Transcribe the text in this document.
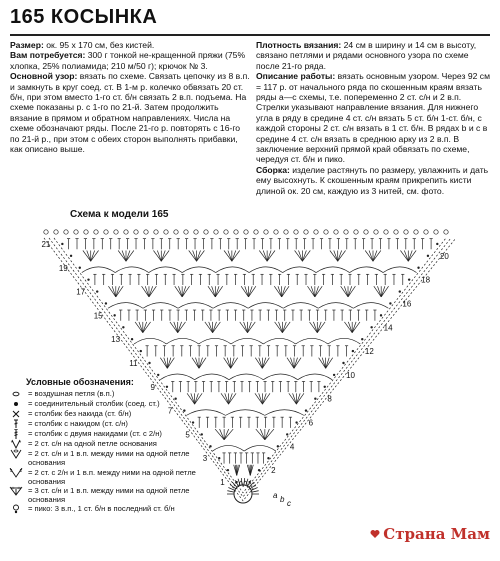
165 КОСЫНКА

Размер: ок. 95 х 170 см, без кистей.

Вам потребуется: 300 г тонкой не-кращенной пряжи (75% хлопка, 25% полиамида; 210 м/50 г); крючок № 3.

Основной узор: вязать по схеме. Связать цепочку из 8 в.п. и замкнуть в круг соед. ст. В 1-м р. колечко обвязать 20 ст. б/н, при этом вместо 1-го ст. б/н связать 2 в.п. подъема. На схеме показаны р. с 1-го по 21-й. Затем продолжить вязание в прямом и обратном направлениях. Числа на схеме обозначают ряды. После 21-го р. повторять с 16-го по 21-й р., при этом с обеих сторон выполнять прибавки, как описано выше.

Плотность вязания: 24 см в ширину и 14 см в высоту, связано петлями и рядами основного узора по схеме после 21-го ряда.

Описание работы: вязать основным узором. Через 92 см = 117 р. от начального ряда по скошенным краям вязать ряды а—с схемы, т.е. попеременно 2 ст. с/н и 2 в.п. Стрелки указывают направление вязания. Для нижнего угла в ряду в средине 4 ст. с/н вязать 5 ст. б/н 1-ст. б/н, с каждой стороны 2 ст. с/н вязать в 1 ст. б/н. В рядах b и с в средине 4 ст. с/н вязать в среднюю арку из 2 в.п. В заключение верхний прямой край обвязать по схеме, чередуя ст. б/н и пико.

Сборка: изделие растянуть по размеру, увлажнить и дать ему высохнуть. К скошенным краям прикрепить кисти длиной ок. 20 см, каждую из 3 нитей, см. фото.

Схема к модели 165
21
19
17
15
13
11
9
7
5
3
1
20
18
16
14
12
10
8
6
4
2
a b c
Условные обозначения:
= воздушная петля (в.п.)
= соединительный столбик (соед. ст.)
= столбик без накида (ст. б/н)
= столбик с накидом (ст. с/н)
= столбик с двумя накидами (ст. с 2/н)
= 2 ст. с/н на одной петле основания
= 2 ст. с/н и 1 в.п. между ними на одной петле основания
= 2 ст. с 2/н и 1 в.п. между ними на одной петле основания
= 3 ст. с/н и 1 в.п. между ними на одной петле основания
= пико: 3 в.п., 1 ст. б/н в последний ст. б/н
Страна Мам
